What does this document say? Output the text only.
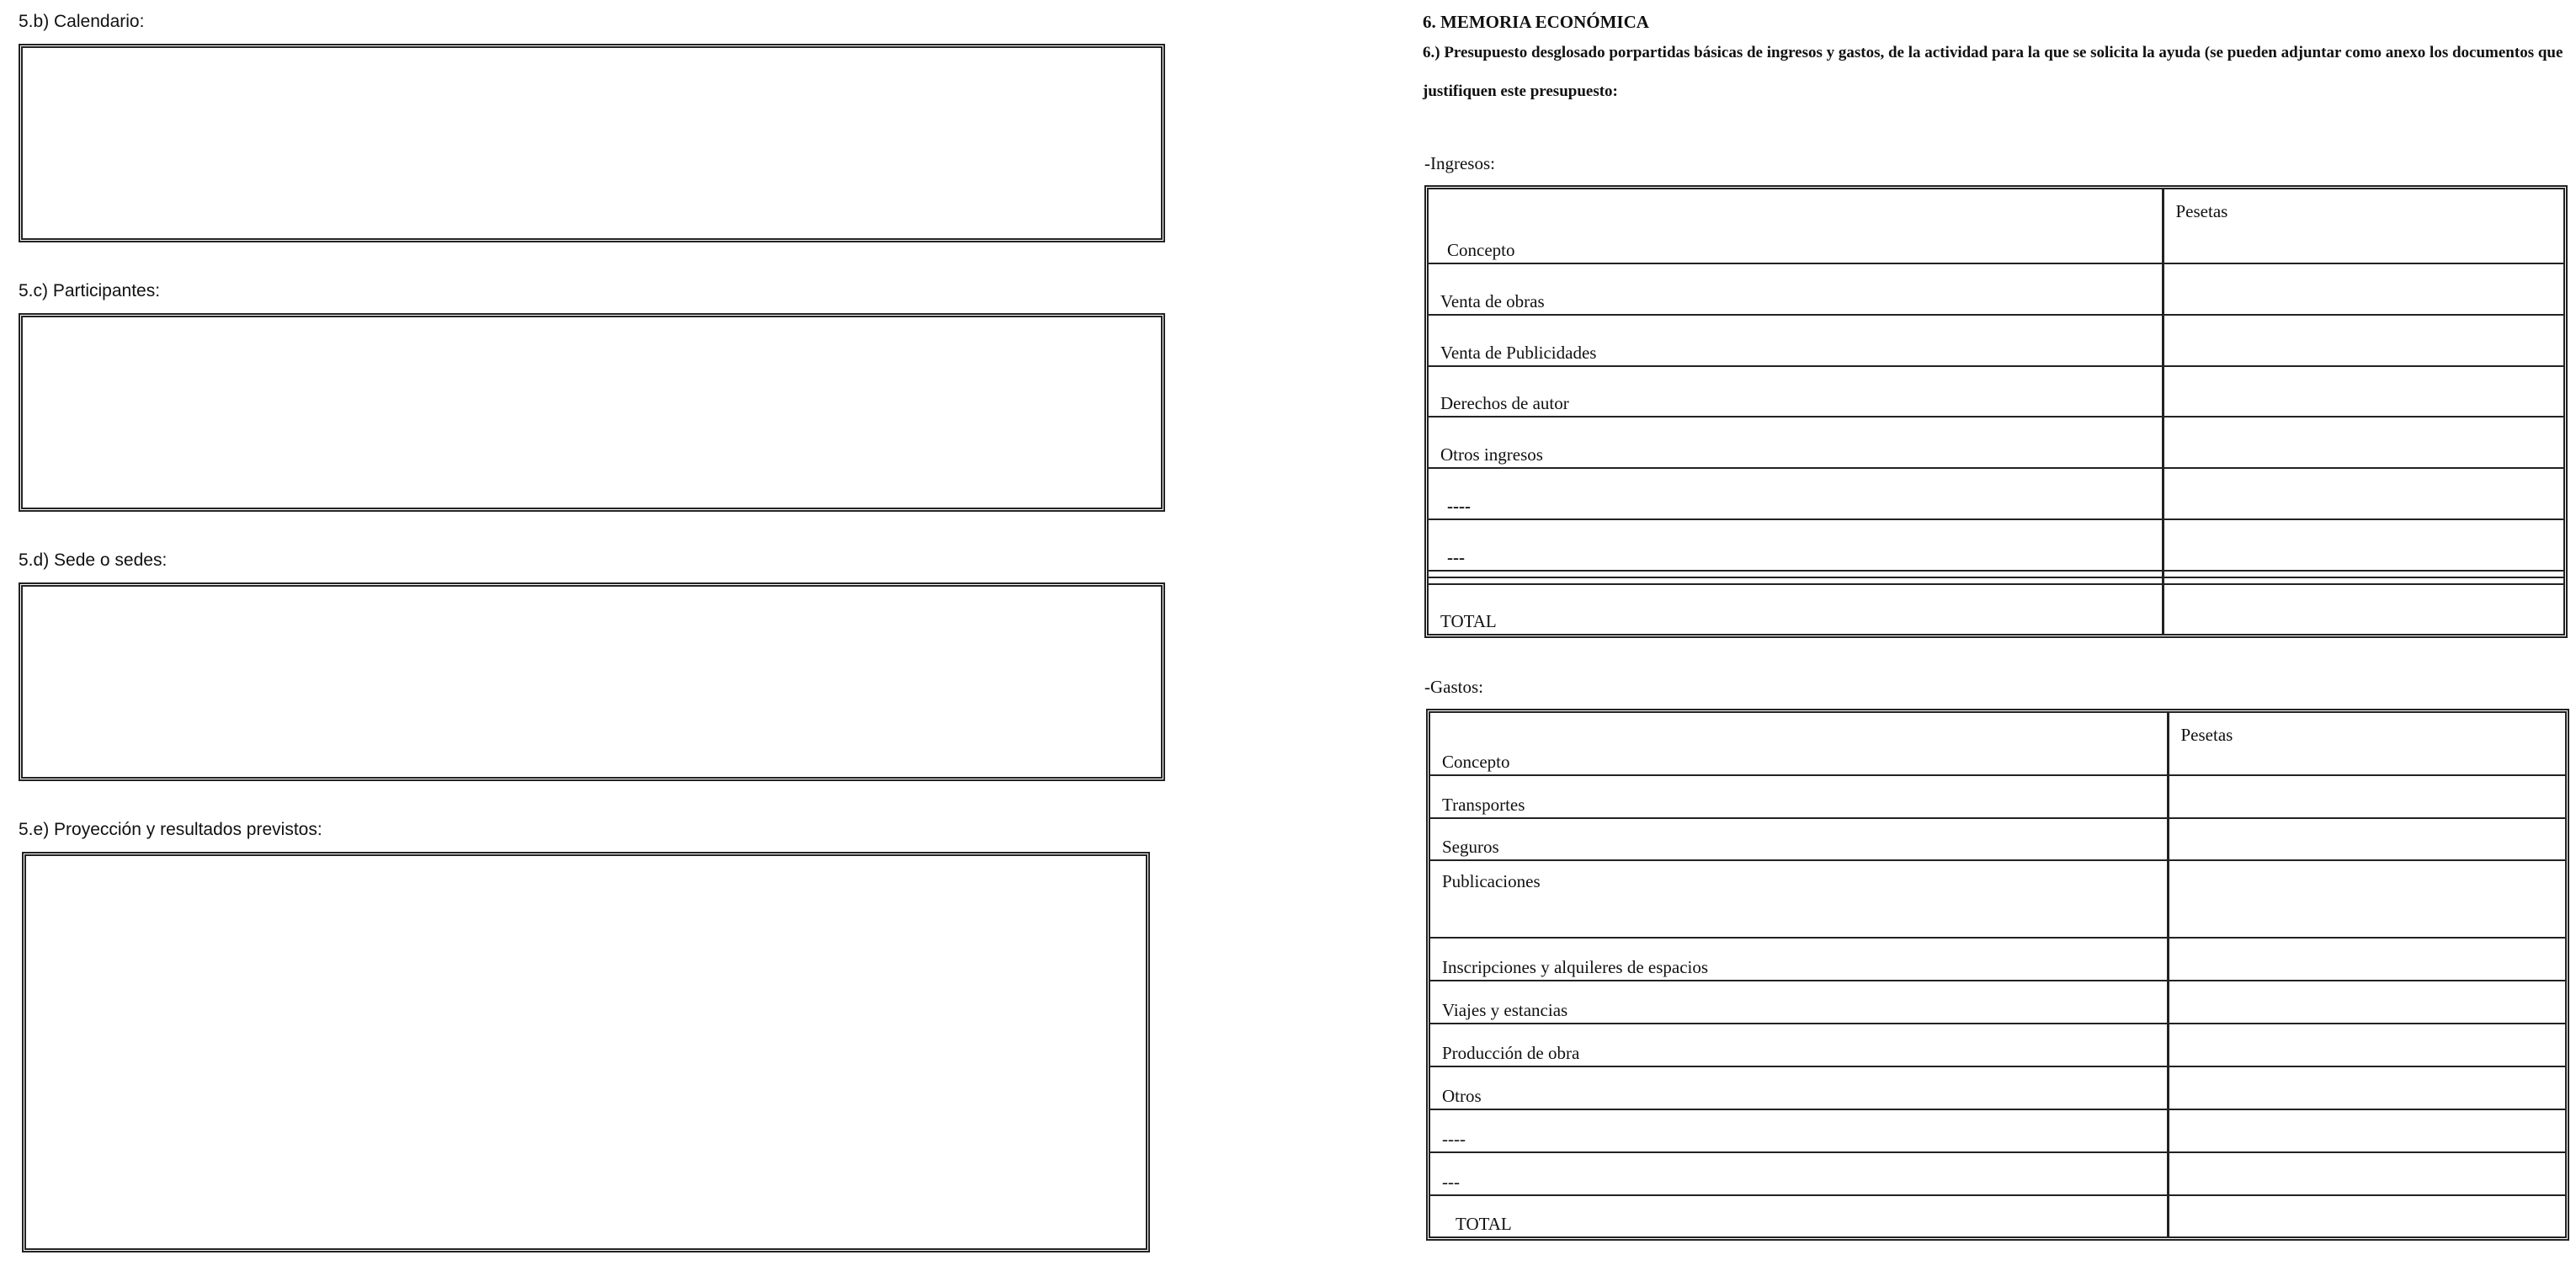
5.b) Calendario:
5.c) Participantes:
5.d) Sede o sedes:
5.e) Proyección y resultados previstos:
6. MEMORIA ECONÓMICA
6.) Presupuesto desglosado porpartidas básicas de ingresos y gastos, de la actividad para la que se solicita la ayuda (se pueden adjuntar como anexo los documentos que justifiquen este presupuesto:
-Ingresos:
Concepto	Pesetas
Venta de obras	
Venta de Publicidades	
Derechos de autor	
Otros ingresos	
----	
---	

TOTAL	
-Gastos:
Concepto	Pesetas
Transportes	
Seguros	
Publicaciones	
Inscripciones y alquileres de espacios	
Viajes y estancias	
Producción de obra	
Otros	
----	
---	
TOTAL	
